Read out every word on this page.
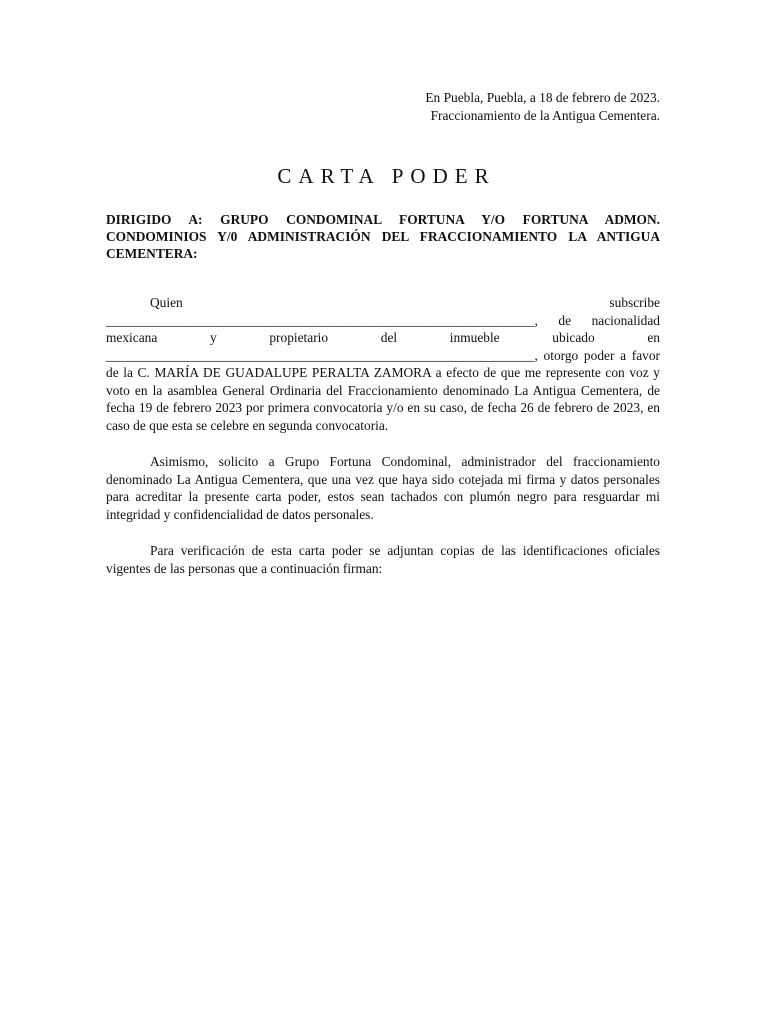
En Puebla, Puebla, a 18 de febrero de 2023.
Fraccionamiento de la Antigua Cementera.
CARTA PODER
DIRIGIDO A: GRUPO CONDOMINAL FORTUNA Y/O FORTUNA ADMON. CONDOMINIOS Y/0 ADMINISTRACIÓN DEL FRACCIONAMIENTO LA ANTIGUA CEMENTERA:
Quien	subscribe ________________________________________________________________, de nacionalidad mexicana y propietario del inmueble ubicado en ________________________________________________________________, otorgo poder a favor de la C. MARÍA DE GUADALUPE PERALTA ZAMORA a efecto de que me represente con voz y voto en la asamblea General Ordinaria del Fraccionamiento denominado La Antigua Cementera, de fecha 19 de febrero 2023 por primera convocatoria y/o en su caso, de fecha 26 de febrero de 2023, en caso de que esta se celebre en segunda convocatoria.
Asimismo, solicito a Grupo Fortuna Condominal, administrador del fraccionamiento denominado La Antigua Cementera, que una vez que haya sido cotejada mi firma y datos personales para acreditar la presente carta poder, estos sean tachados con plumón negro para resguardar mi integridad y confidencialidad de datos personales.
Para verificación de esta carta poder se adjuntan copias de las identificaciones oficiales vigentes de las personas que a continuación firman:
